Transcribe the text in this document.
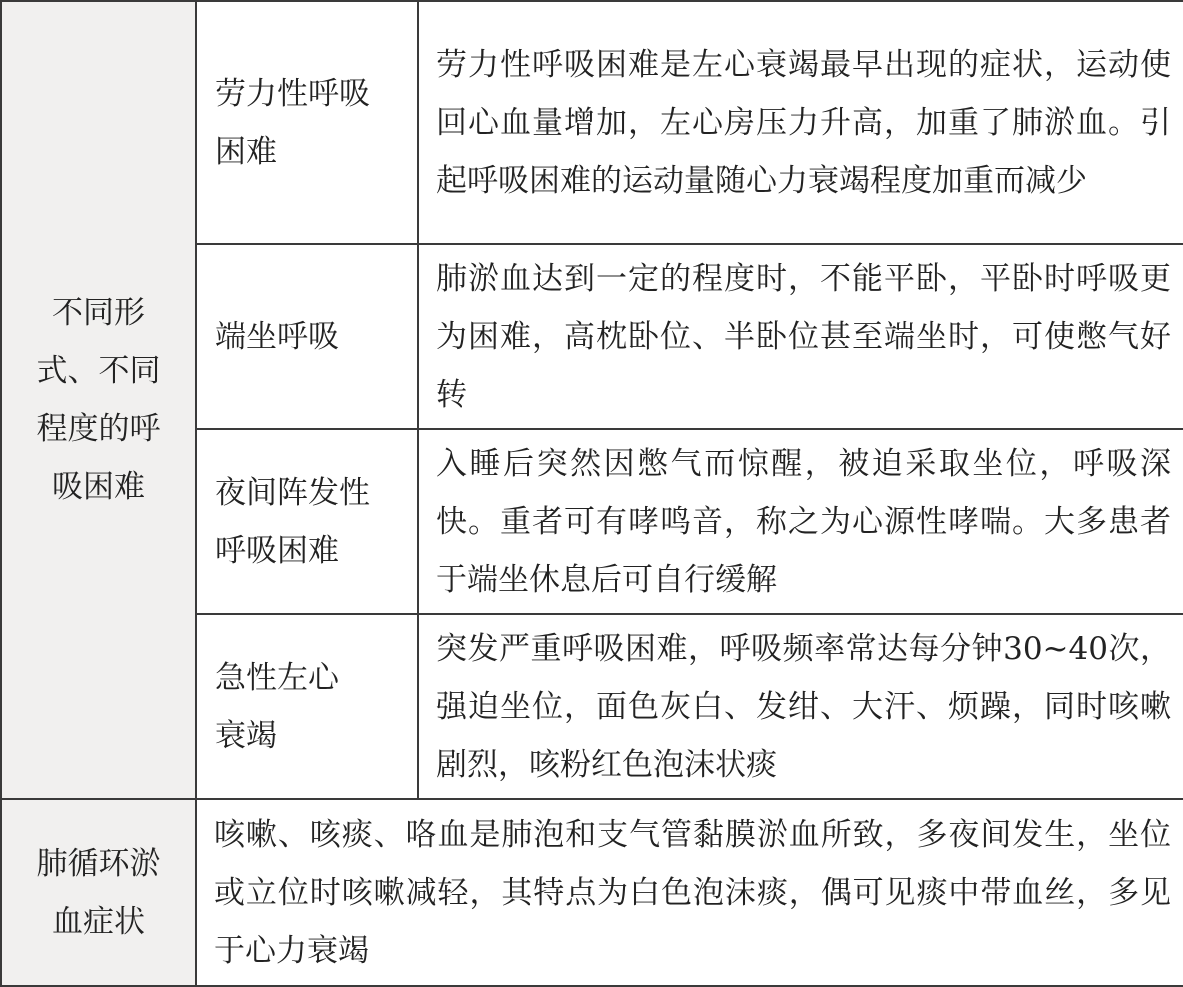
不同形式、不同程度的呼吸困难	劳力性呼吸困难	劳力性呼吸困难是左心衰竭最早出现的症状，运动使回心血量增加，左心房压力升高，加重了肺淤血。引起呼吸困难的运动量随心力衰竭程度加重而减少

	端坐呼吸	肺淤血达到一定的程度时，不能平卧，平卧时呼吸更为困难，高枕卧位、半卧位甚至端坐时，可使憋气好转

	夜间阵发性呼吸困难	入睡后突然因憋气而惊醒，被迫采取坐位，呼吸深快。重者可有哮鸣音，称之为心源性哮喘。大多患者于端坐休息后可自行缓解

	急性左心衰竭	突发严重呼吸困难，呼吸频率常达每分钟30~40次，强迫坐位，面色灰白、发绀、大汗、烦躁，同时咳嗽剧烈，咳粉红色泡沫状痰

肺循环淤血症状	咳嗽、咳痰、咯血是肺泡和支气管黏膜淤血所致，多夜间发生，坐位或立位时咳嗽减轻，其特点为白色泡沫痰，偶可见痰中带血丝，多见于心力衰竭	
